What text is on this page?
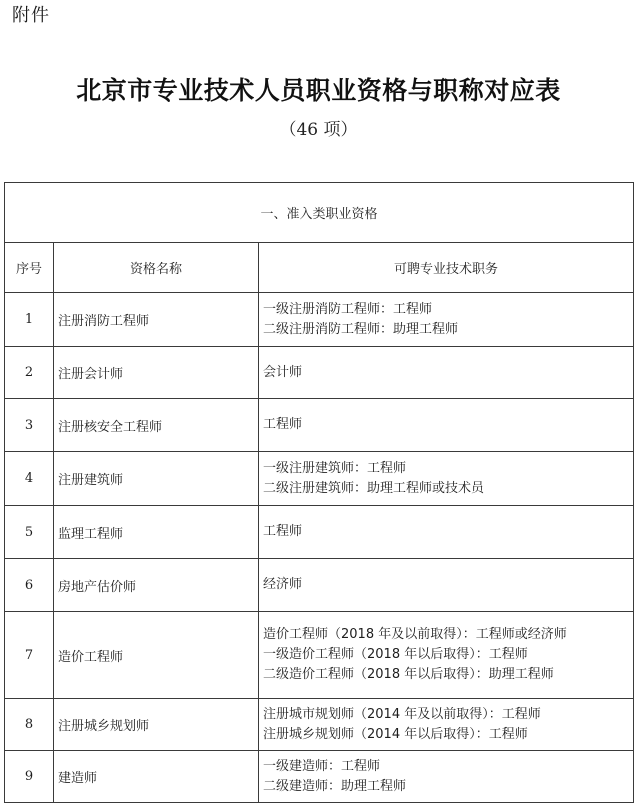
附件
北京市专业技术人员职业资格与职称对应表
（46 项）
一、准入类职业资格		
序号	资格名称	可聘专业技术职务
1	注册消防工程师	一级注册消防工程师：工程师
二级注册消防工程师：助理工程师

2	注册会计师	会计师

3	注册核安全工程师	工程师

4	注册建筑师	一级注册建筑师：工程师
二级注册建筑师：助理工程师或技术员

5	监理工程师	工程师

6	房地产估价师	经济师

7	造价工程师	造价工程师（2018 年及以前取得）：工程师或经济师
一级造价工程师（2018 年以后取得）：工程师
二级造价工程师（2018 年以后取得）：助理工程师

8	注册城乡规划师	注册城市规划师（2014 年及以前取得）：工程师
注册城乡规划师（2014 年以后取得）：工程师

9	建造师	一级建造师：工程师
二级建造师：助理工程师
